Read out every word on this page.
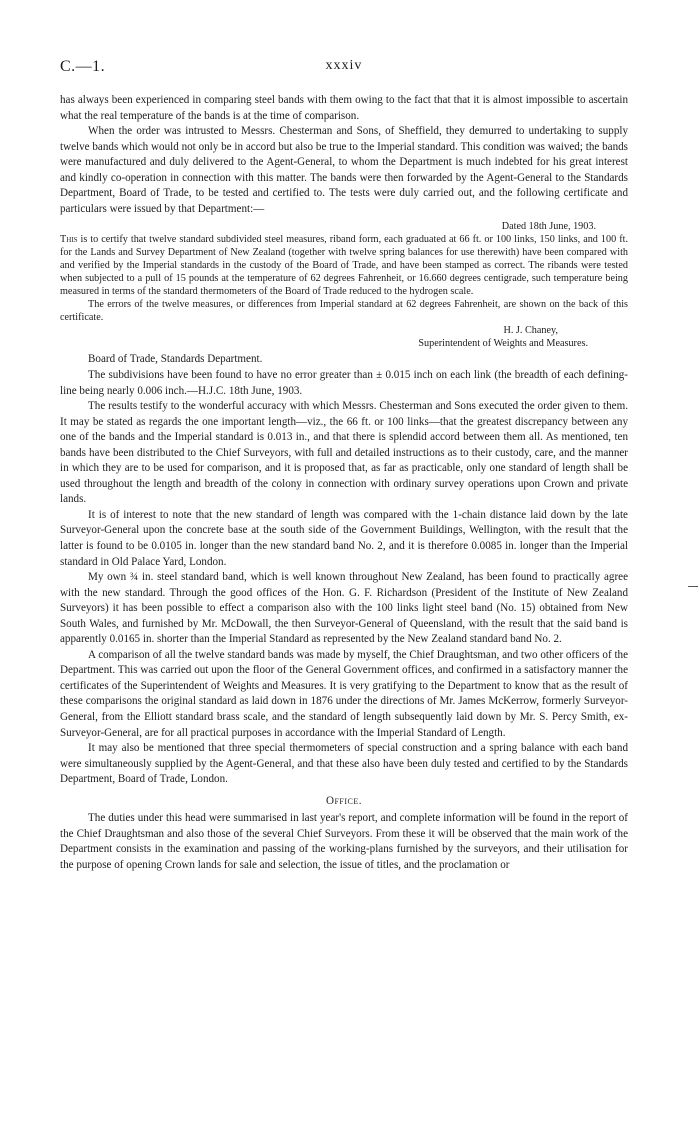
C.—1.	xxxiv

has always been experienced in comparing steel bands with them owing to the fact that that it is almost impossible to ascertain what the real temperature of the bands is at the time of comparison.

When the order was intrusted to Messrs. Chesterman and Sons, of Sheffield, they demurred to undertaking to supply twelve bands which would not only be in accord but also be true to the Imperial standard. This condition was waived; the bands were manufactured and duly delivered to the Agent-General, to whom the Department is much indebted for his great interest and kindly co-operation in connection with this matter. The bands were then forwarded by the Agent-General to the Standards Department, Board of Trade, to be tested and certified to. The tests were duly carried out, and the following certificate and particulars were issued by that Department:—

Dated 18th June, 1903.

This is to certify that twelve standard subdivided steel measures, riband form, each graduated at 66 ft. or 100 links, 150 links, and 100 ft. for the Lands and Survey Department of New Zealand (together with twelve spring balances for use therewith) have been compared with and verified by the Imperial standards in the custody of the Board of Trade, and have been stamped as correct. The ribands were tested when subjected to a pull of 15 pounds at the temperature of 62 degrees Fahrenheit, or 16.660 degrees centigrade, such temperature being measured in terms of the standard thermometers of the Board of Trade reduced to the hydrogen scale.

The errors of the twelve measures, or differences from Imperial standard at 62 degrees Fahrenheit, are shown on the back of this certificate.

H. J. Chaney,

Superintendent of Weights and Measures.

Board of Trade, Standards Department.

The subdivisions have been found to have no error greater than ± 0.015 inch on each link (the breadth of each defining-line being nearly 0.006 inch.—H.J.C. 18th June, 1903.

The results testify to the wonderful accuracy with which Messrs. Chesterman and Sons executed the order given to them. It may be stated as regards the one important length—viz., the 66 ft. or 100 links—that the greatest discrepancy between any one of the bands and the Imperial standard is 0.013 in., and that there is splendid accord between them all. As mentioned, ten bands have been distributed to the Chief Surveyors, with full and detailed instructions as to their custody, care, and the manner in which they are to be used for comparison, and it is proposed that, as far as practicable, only one standard of length shall be used throughout the length and breadth of the colony in connection with ordinary survey operations upon Crown and private lands.

It is of interest to note that the new standard of length was compared with the 1-chain distance laid down by the late Surveyor-General upon the concrete base at the south side of the Government Buildings, Wellington, with the result that the latter is found to be 0.0105 in. longer than the new standard band No. 2, and it is therefore 0.0085 in. longer than the Imperial standard in Old Palace Yard, London.

My own ¾ in. steel standard band, which is well known throughout New Zealand, has been found to practically agree with the new standard. Through the good offices of the Hon. G. F. Richardson (President of the Institute of New Zealand Surveyors) it has been possible to effect a comparison also with the 100 links light steel band (No. 15) obtained from New South Wales, and furnished by Mr. McDowall, the then Surveyor-General of Queensland, with the result that the said band is apparently 0.0165 in. shorter than the Imperial Standard as represented by the New Zealand standard band No. 2.

A comparison of all the twelve standard bands was made by myself, the Chief Draughtsman, and two other officers of the Department. This was carried out upon the floor of the General Government offices, and confirmed in a satisfactory manner the certificates of the Superintendent of Weights and Measures. It is very gratifying to the Department to know that as the result of these comparisons the original standard as laid down in 1876 under the directions of Mr. James McKerrow, formerly Surveyor-General, from the Elliott standard brass scale, and the standard of length subsequently laid down by Mr. S. Percy Smith, ex-Surveyor-General, are for all practical purposes in accordance with the Imperial Standard of Length.

It may also be mentioned that three special thermometers of special construction and a spring balance with each band were simultaneously supplied by the Agent-General, and that these also have been duly tested and certified to by the Standards Department, Board of Trade, London.

Office.

The duties under this head were summarised in last year's report, and complete information will be found in the report of the Chief Draughtsman and also those of the several Chief Surveyors. From these it will be observed that the main work of the Department consists in the examination and passing of the working-plans furnished by the surveyors, and their utilisation for the purpose of opening Crown lands for sale and selection, the issue of titles, and the proclamation or
